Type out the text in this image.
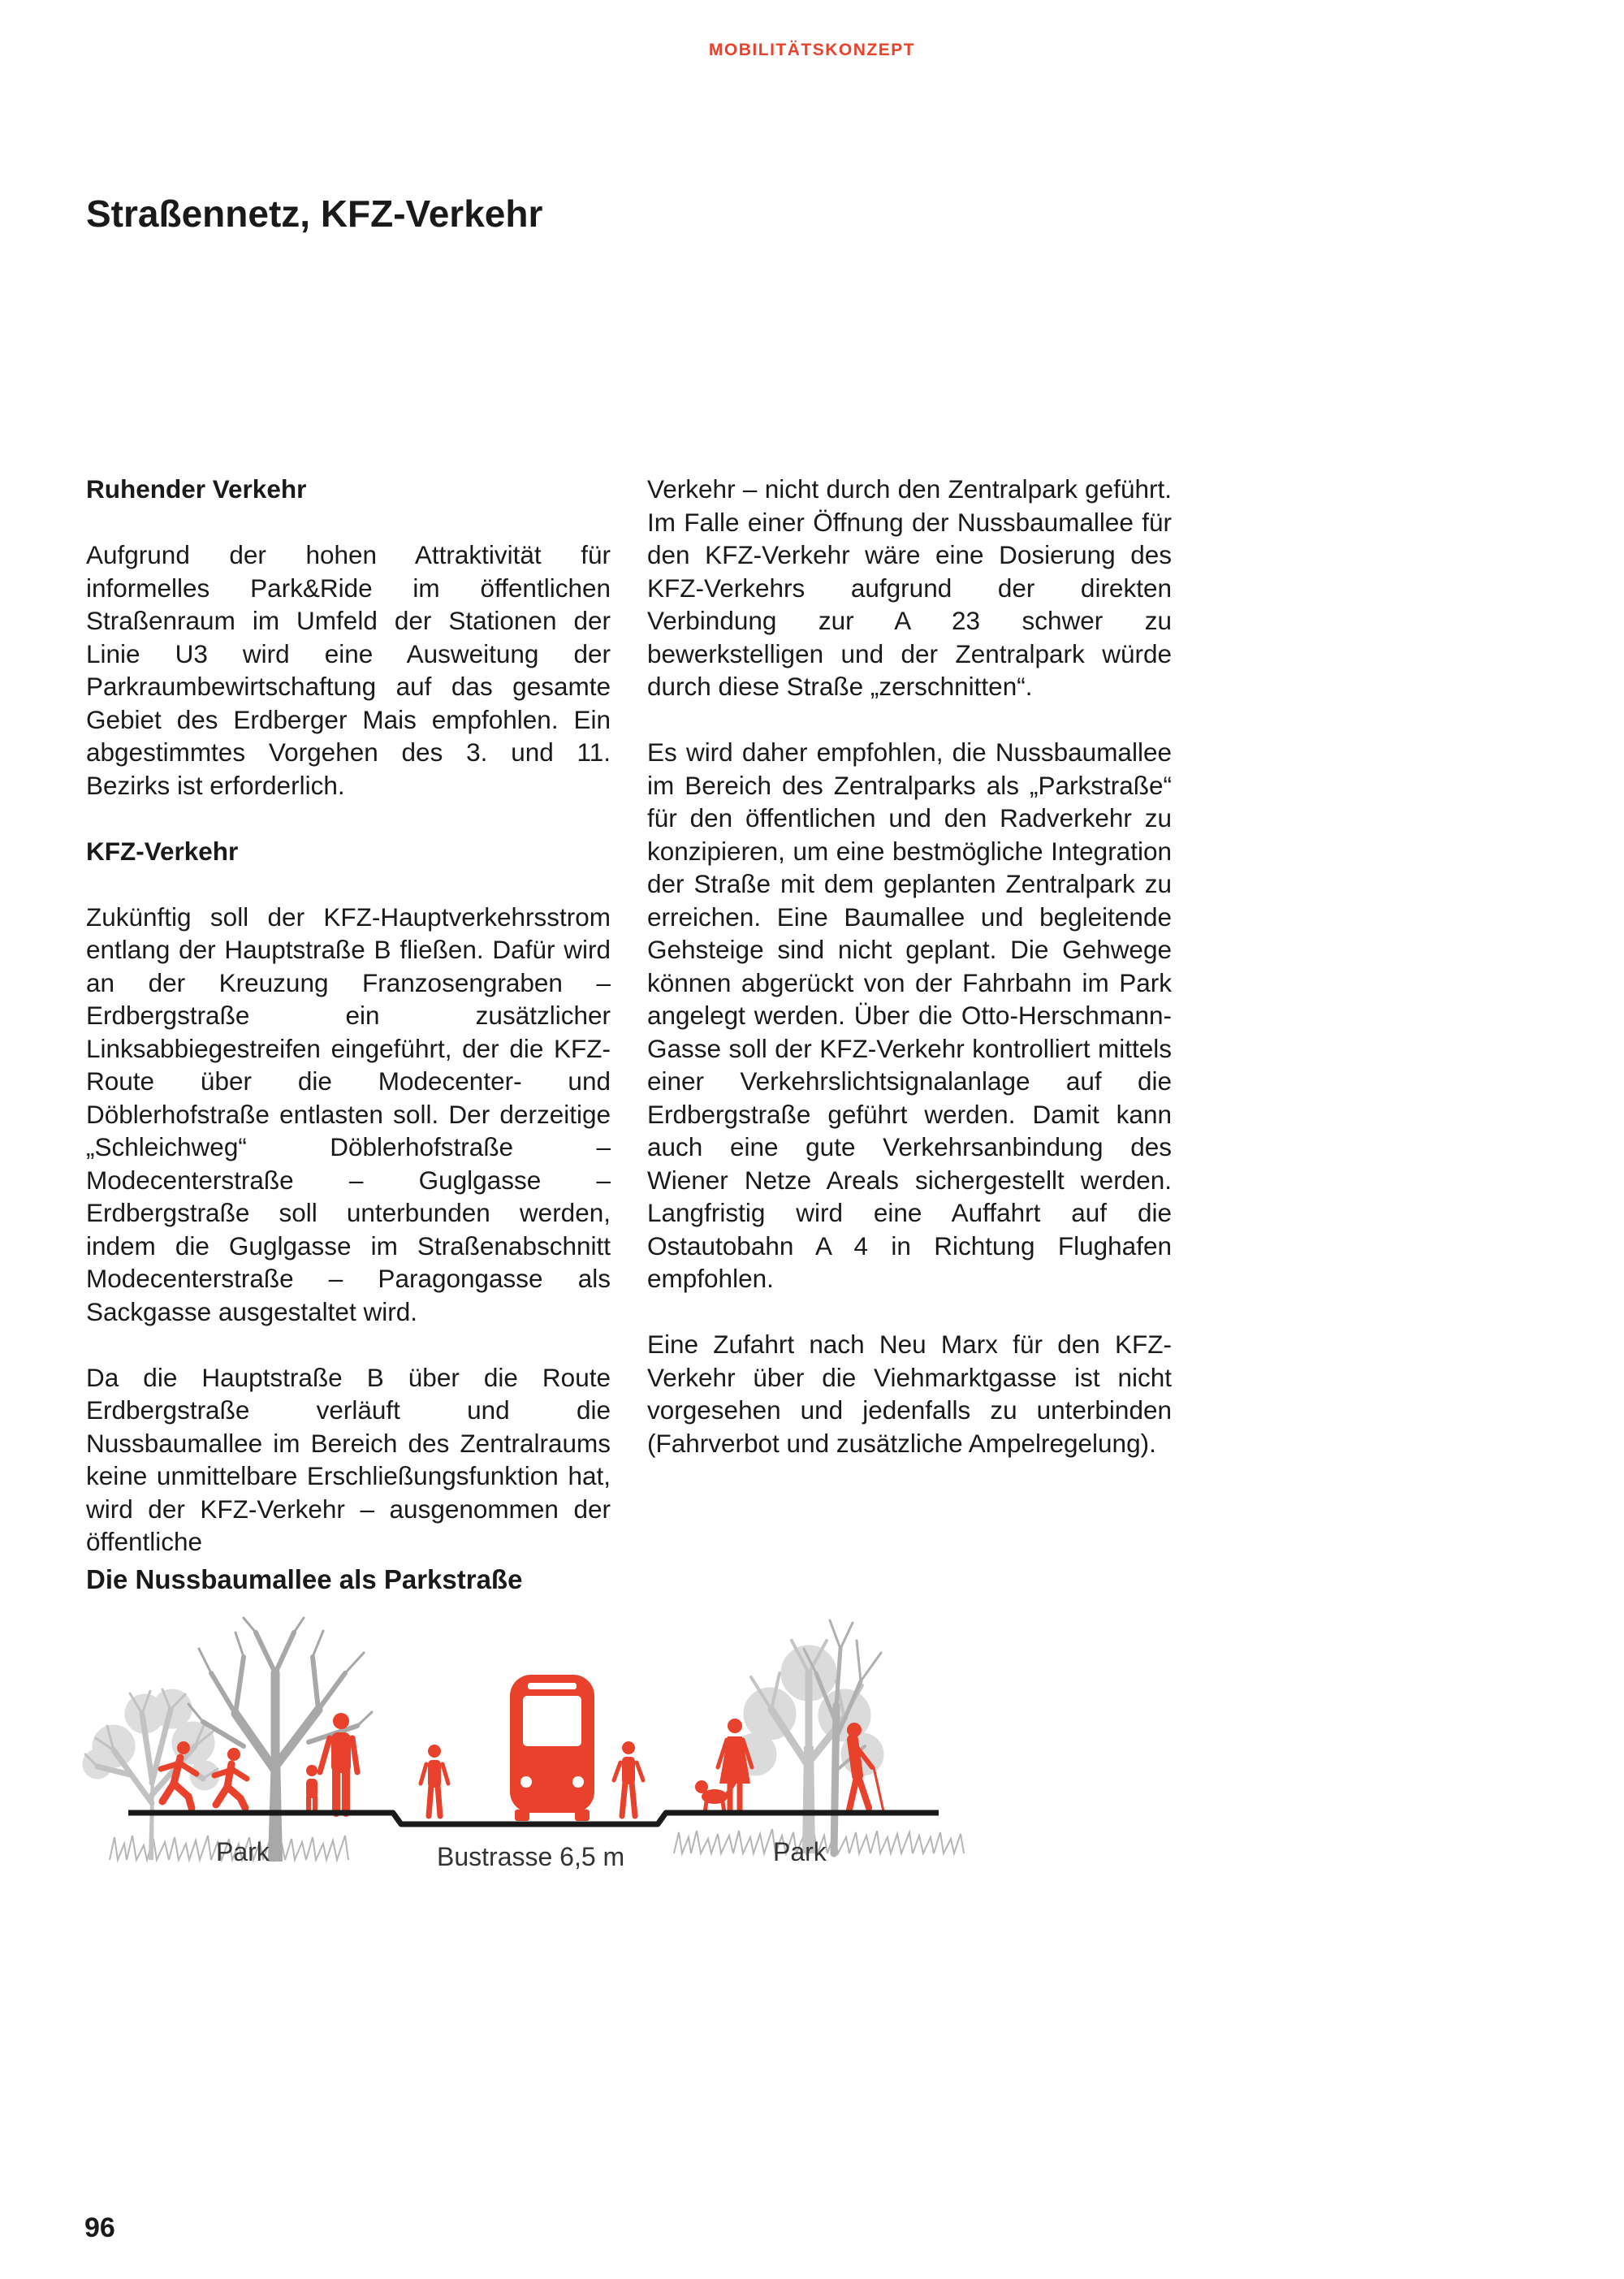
MOBILITÄTSKONZEPT
Straßennetz, KFZ-Verkehr
Ruhender Verkehr

Aufgrund der hohen Attraktivität für informelles Park&Ride im öffentlichen Straßenraum im Umfeld der Stationen der Linie U3 wird eine Ausweitung der Parkraumbewirtschaftung auf das gesamte Gebiet des Erdberger Mais empfohlen. Ein abgestimmtes Vorgehen des 3. und 11. Bezirks ist erforderlich.

KFZ-Verkehr

Zukünftig soll der KFZ-Hauptverkehrsstrom entlang der Hauptstraße B fließen. Dafür wird an der Kreuzung Franzosengraben – Erdbergstraße ein zusätzlicher Linksabbiegestreifen eingeführt, der die KFZ-Route über die Modecenter- und Döblerhofstraße entlasten soll. Der derzeitige „Schleichweg“ Döblerhofstraße – Modecenterstraße – Guglgasse – Erdbergstraße soll unterbunden werden, indem die Guglgasse im Straßenabschnitt Modecenterstraße – Paragongasse als Sackgasse ausgestaltet wird.

Da die Hauptstraße B über die Route Erdbergstraße verläuft und die Nussbaumallee im Bereich des Zentralraums keine unmittelbare Erschließungsfunktion hat, wird der KFZ-Verkehr – ausgenommen der öffentliche

Verkehr – nicht durch den Zentralpark geführt. Im Falle einer Öffnung der Nussbaumallee für den KFZ-Verkehr wäre eine Dosierung des KFZ-Verkehrs aufgrund der direkten Verbindung zur A 23 schwer zu bewerkstelligen und der Zentralpark würde durch diese Straße „zerschnitten“.

Es wird daher empfohlen, die Nussbaumallee im Bereich des Zentralparks als „Parkstraße“ für den öffentlichen und den Radverkehr zu konzipieren, um eine bestmögliche Integration der Straße mit dem geplanten Zentralpark zu erreichen. Eine Baumallee und begleitende Gehsteige sind nicht geplant. Die Gehwege können abgerückt von der Fahrbahn im Park angelegt werden. Über die Otto-Herschmann-Gasse soll der KFZ-Verkehr kontrolliert mittels einer Verkehrslichtsignalanlage auf die Erdbergstraße geführt werden. Damit kann auch eine gute Verkehrsanbindung des Wiener Netze Areals sichergestellt werden. Langfristig wird eine Auffahrt auf die Ostautobahn A 4 in Richtung Flughafen empfohlen.

Eine Zufahrt nach Neu Marx für den KFZ-Verkehr über die Viehmarktgasse ist nicht vorgesehen und jedenfalls zu unterbinden (Fahrverbot und zusätzliche Ampelregelung).

Die Nussbaumallee als Parkstraße
Park	Bustrasse 6,5 m	Park
96
